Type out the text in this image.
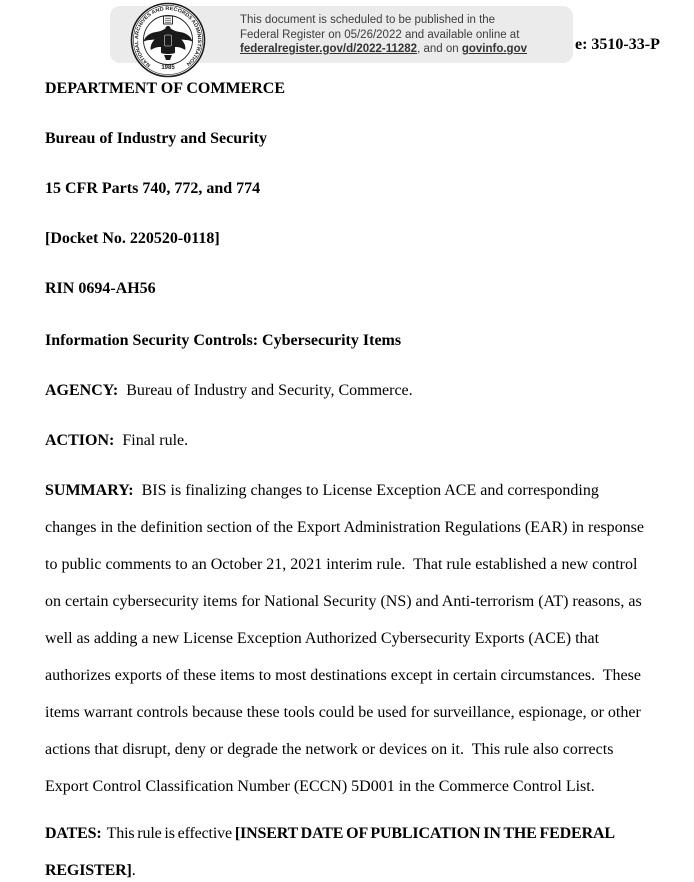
e: 3510-33-P
This document is scheduled to be published in the
Federal Register on 05/26/2022 and available online at
federalregister.gov/d/2022-11282, and on govinfo.gov
NATIONAL ARCHIVES AND RECORDS ADMINISTRATION
1985
DEPARTMENT OF COMMERCE
Bureau of Industry and Security
15 CFR Parts 740, 772, and 774
[Docket No. 220520-0118]
RIN 0694-AH56
Information Security Controls: Cybersecurity Items
AGENCY: Bureau of Industry and Security, Commerce.
ACTION: Final rule.
SUMMARY: BIS is finalizing changes to License Exception ACE and corresponding changes in the definition section of the Export Administration Regulations (EAR) in response to public comments to an October 21, 2021 interim rule.  That rule established a new control on certain cybersecurity items for National Security (NS) and Anti-terrorism (AT) reasons, as well as adding a new License Exception Authorized Cybersecurity Exports (ACE) that authorizes exports of these items to most destinations except in certain circumstances.  These items warrant controls because these tools could be used for surveillance, espionage, or other actions that disrupt, deny or degrade the network or devices on it.  This rule also corrects Export Control Classification Number (ECCN) 5D001 in the Commerce Control List.
DATES: This rule is effective [INSERT DATE OF PUBLICATION IN THE FEDERAL REGISTER].
